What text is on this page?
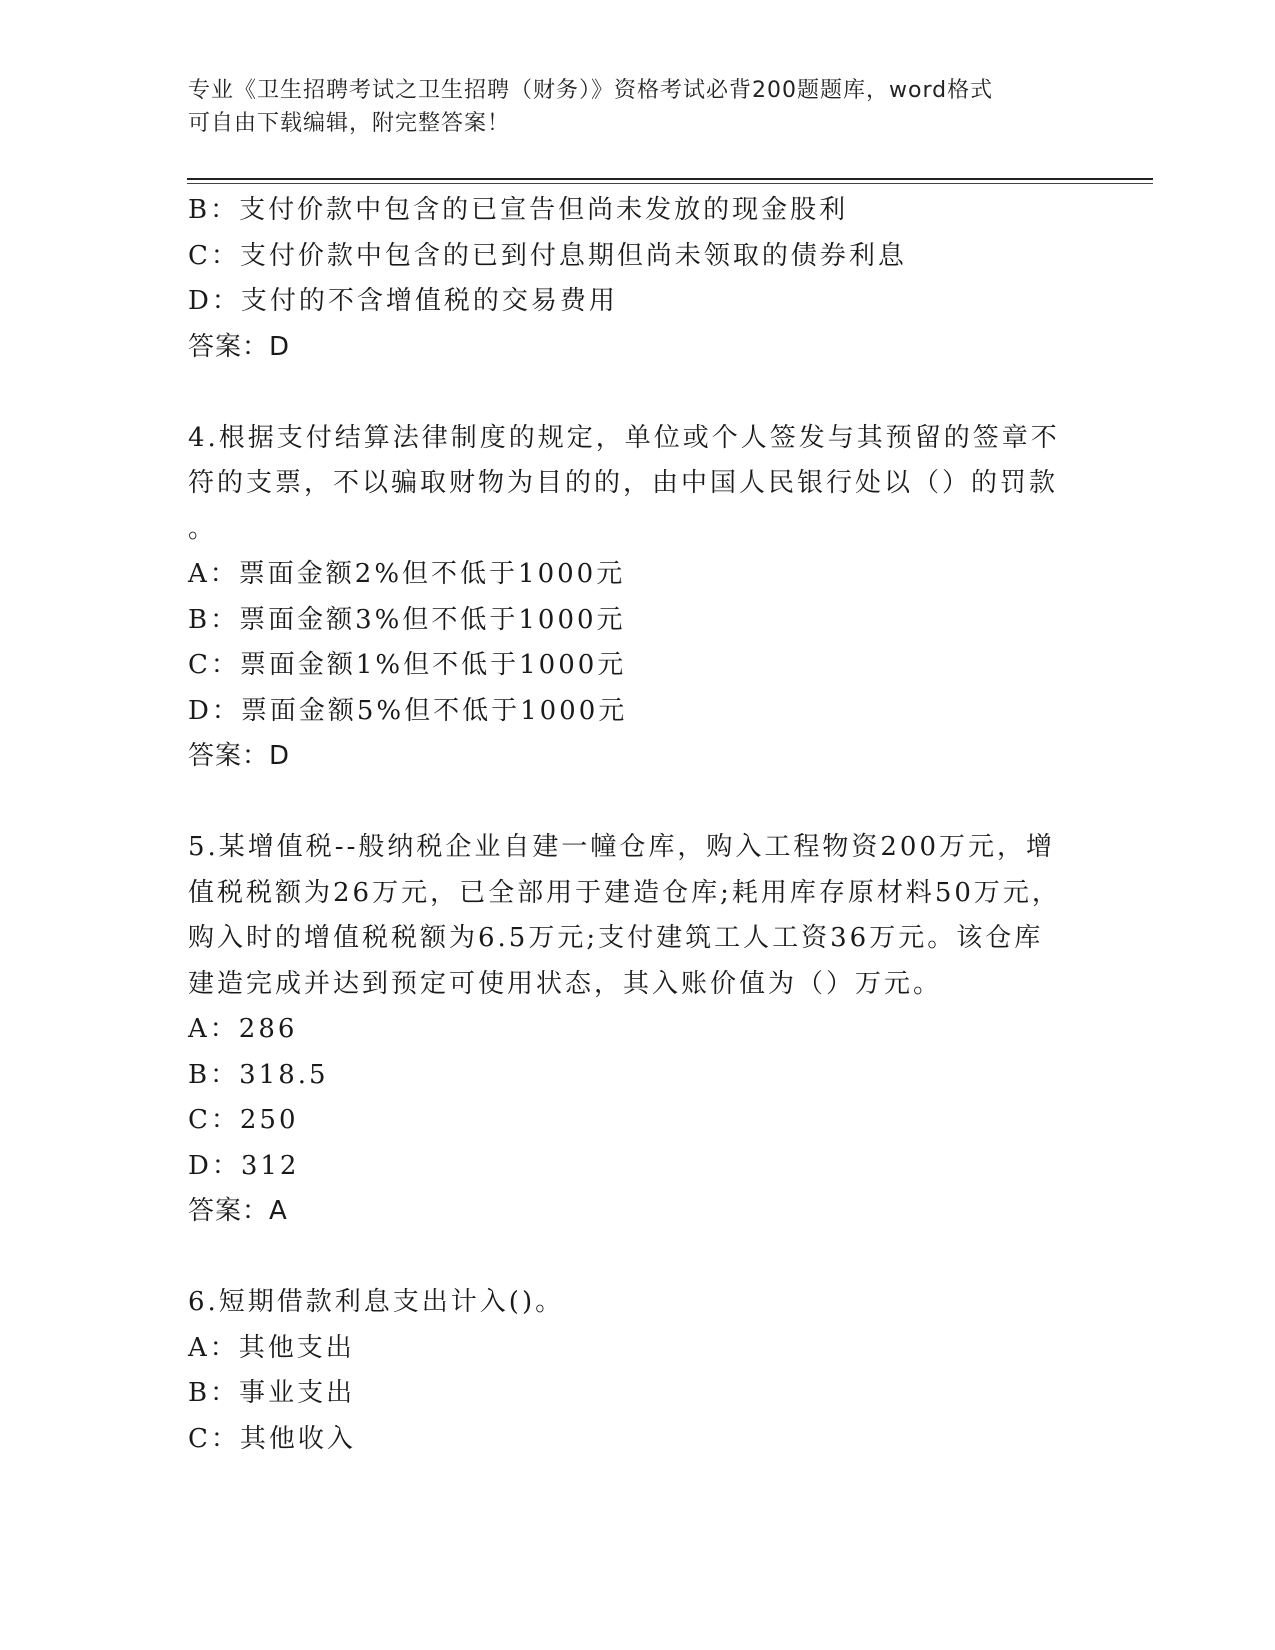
专业《卫生招聘考试之卫生招聘（财务）》资格考试必背200题题库，word格式
可自由下载编辑，附完整答案！
B：支付价款中包含的已宣告但尚未发放的现金股利
C：支付价款中包含的已到付息期但尚未领取的债券利息
D：支付的不含增值税的交易费用
答案：D
4.根据支付结算法律制度的规定，单位或个人签发与其预留的签章不
符的支票，不以骗取财物为目的的，由中国人民银行处以（）的罚款
。
A：票面金额2%但不低于1000元
B：票面金额3%但不低于1000元
C：票面金额1%但不低于1000元
D：票面金额5%但不低于1000元
答案：D
5.某增值税--般纳税企业自建一幢仓库，购入工程物资200万元，增
值税税额为26万元，已全部用于建造仓库;耗用库存原材料50万元，
购入时的增值税税额为6.5万元;支付建筑工人工资36万元。该仓库
建造完成并达到预定可使用状态，其入账价值为（）万元。
A：286
B：318.5
C：250
D：312
答案：A
6.短期借款利息支出计入()。
A：其他支出
B：事业支出
C：其他收入
